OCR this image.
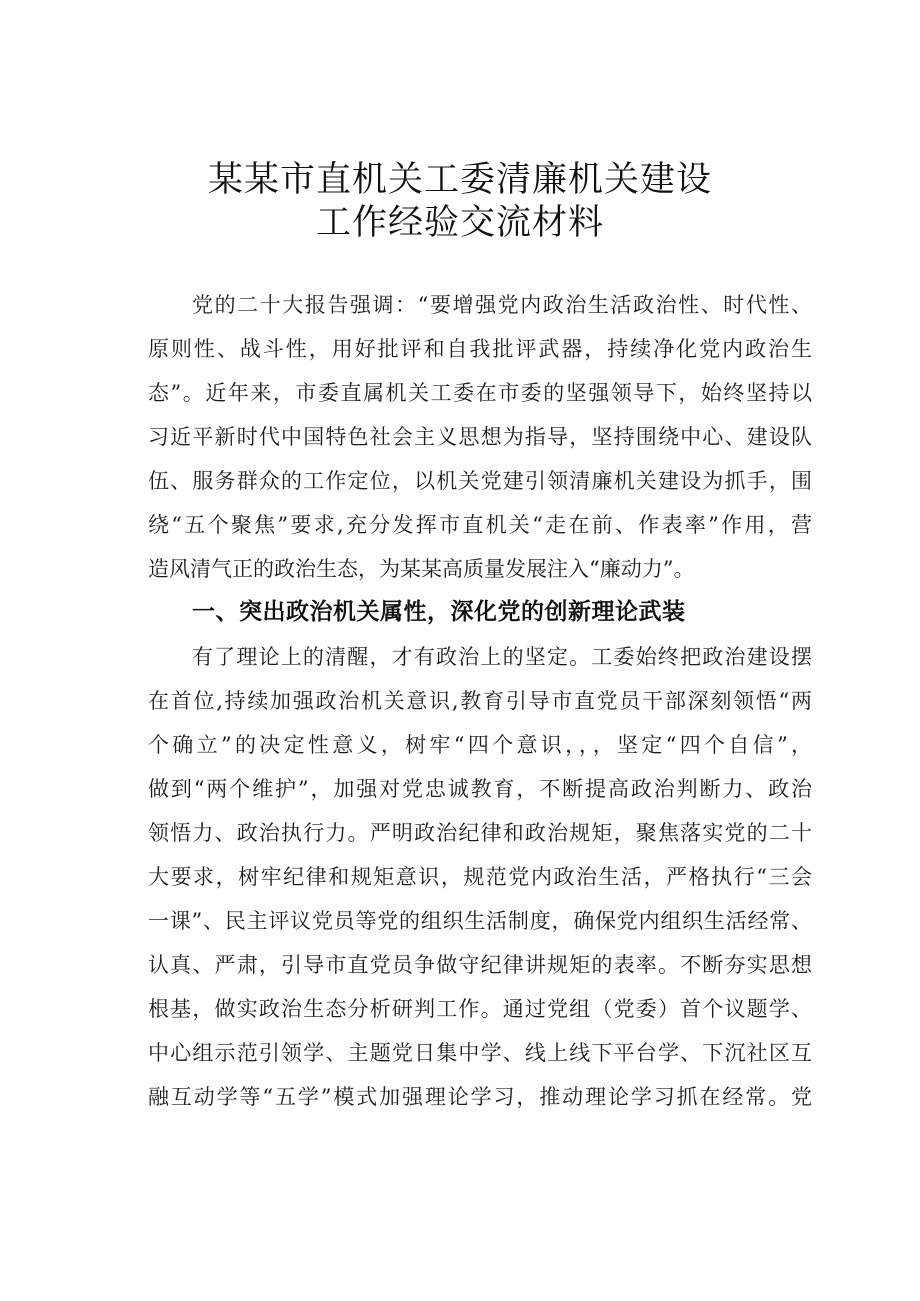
某某市直机关工委清廉机关建设
工作经验交流材料
党的二十大报告强调：“要增强党内政治生活政治性、时代性、
原则性、战斗性，用好批评和自我批评武器，持续净化党内政治生
态”。近年来，市委直属机关工委在市委的坚强领导下，始终坚持以
习近平新时代中国特色社会主义思想为指导，坚持围绕中心、建设队
伍、服务群众的工作定位，以机关党建引领清廉机关建设为抓手，围
绕“五个聚焦”要求,充分发挥市直机关“走在前、作表率”作用，营
造风清气正的政治生态，为某某高质量发展注入“廉动力”。
一、突出政治机关属性，深化党的创新理论武装
有了理论上的清醒，才有政治上的坚定。工委始终把政治建设摆
在首位,持续加强政治机关意识,教育引导市直党员干部深刻领悟“两
个确立”的决定性意义，树牢“四个意识，，，坚定“四个自信”，
做到“两个维护”，加强对党忠诚教育，不断提高政治判断力、政治
领悟力、政治执行力。严明政治纪律和政治规矩，聚焦落实党的二十
大要求，树牢纪律和规矩意识，规范党内政治生活，严格执行“三会
一课”、民主评议党员等党的组织生活制度，确保党内组织生活经常、
认真、严肃，引导市直党员争做守纪律讲规矩的表率。不断夯实思想
根基，做实政治生态分析研判工作。通过党组（党委）首个议题学、
中心组示范引领学、主题党日集中学、线上线下平台学、下沉社区互
融互动学等“五学”模式加强理论学习，推动理论学习抓在经常。党
